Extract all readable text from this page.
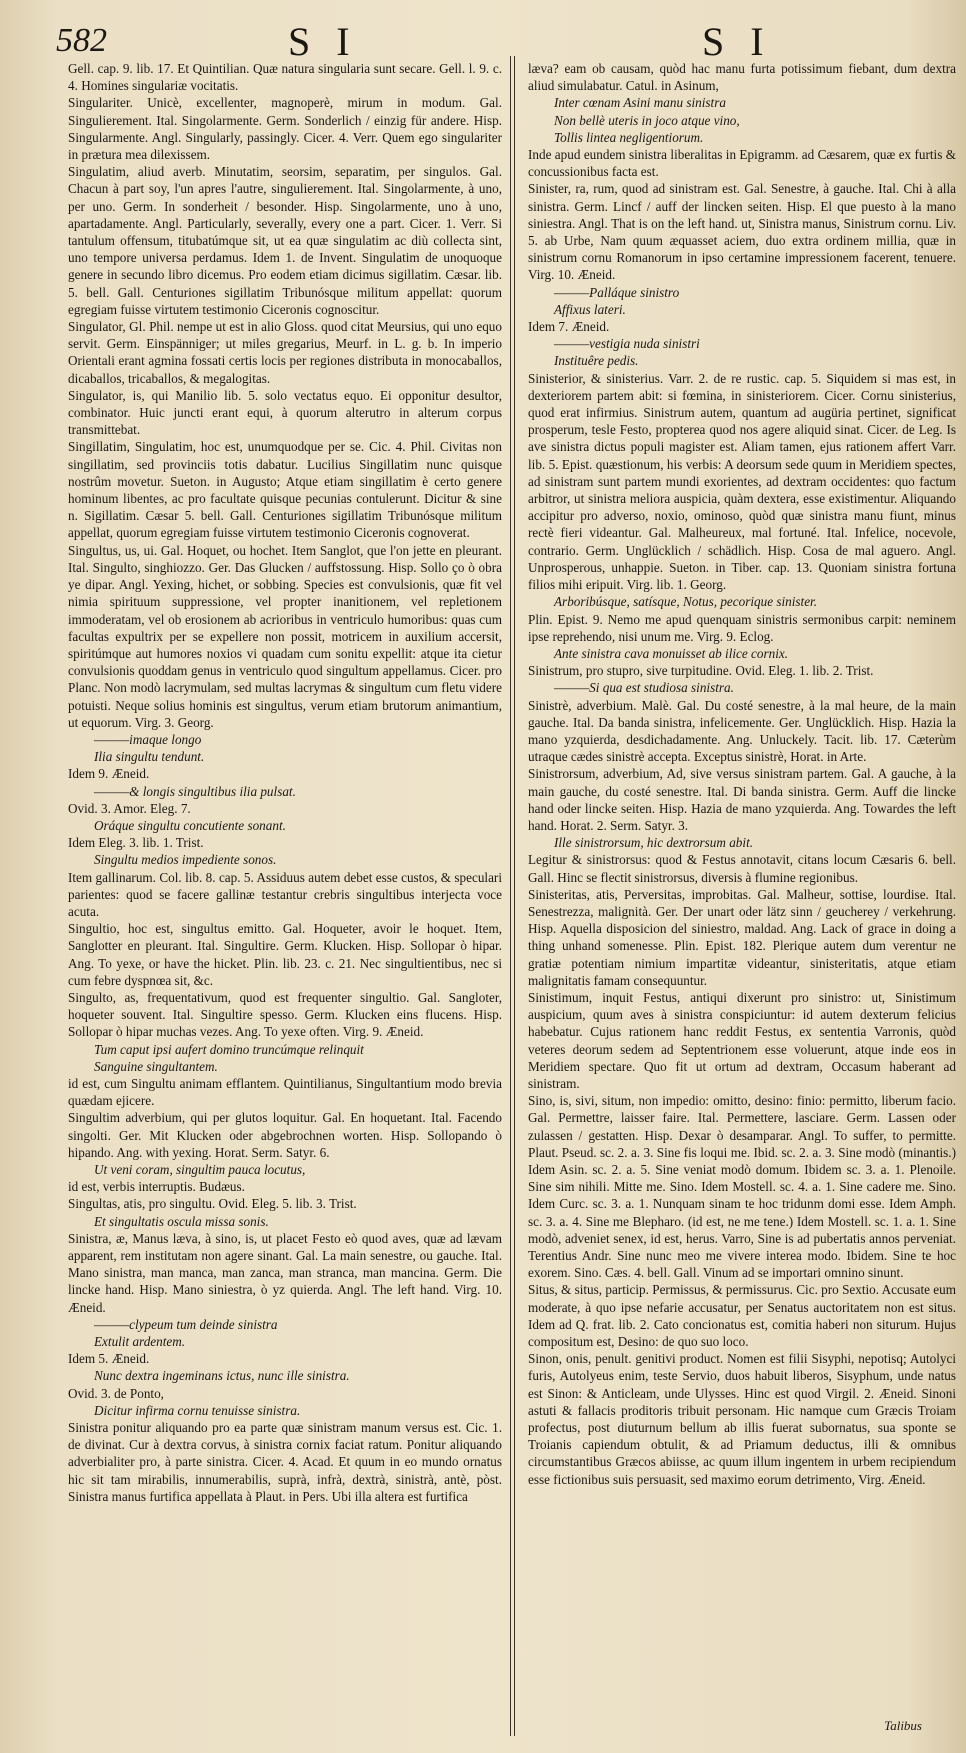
582	S I	S I

Gell. cap. 9. lib. 17. Et Quintilian. Quæ natura singularia sunt secare. Gell. l. 9. c. 4. Homines singulariæ vocitatis.

Singulariter. Unicè, excellenter, magnoperè, mirum in modum. Gal. Singulierement. Ital. Singolarmente. Germ. Sonderlich / einzig für andere. Hisp. Singularmente. Angl. Singularly, passingly. Cicer. 4. Verr. Quem ego singulariter in prætura mea dilexissem.

Singulatim, aliud averb. Minutatim, seorsim, separatim, per singulos. Gal. Chacun à part soy, l'un apres l'autre, singulierement. Ital. Singolarmente, à uno, per uno. Germ. In sonderheit / besonder. Hisp. Singolarmente, uno à uno, apartadamente. Angl. Particularly, severally, every one a part. Cicer. 1. Verr. Si tantulum offensum, titubatúmque sit, ut ea quæ singulatim ac diù collecta sint, uno tempore universa perdamus. Idem 1. de Invent. Singulatim de unoquoque genere in secundo libro dicemus. Pro eodem etiam dicimus sigillatim. Cæsar. lib. 5. bell. Gall. Centuriones sigillatim Tribunósque militum appellat: quorum egregiam fuisse virtutem testimonio Ciceronis cognoscitur.

Singulator, Gl. Phil. nempe ut est in alio Gloss. quod citat Meursius, qui uno equo servit. Germ. Einspänniger; ut miles gregarius, Meurf. in L. g. b. In imperio Orientali erant agmina fossati certis locis per regiones distributa in monocaballos, dicaballos, tricaballos, & megalogitas.

Singulator, is, qui Manilio lib. 5. solo vectatus equo. Ei opponitur desultor, combinator. Huic juncti erant equi, à quorum alterutro in alterum corpus transmittebat.

Singillatim, Singulatim, hoc est, unumquodque per se. Cic. 4. Phil. Civitas non singillatim, sed provinciis totis dabatur. Lucilius Singillatim nunc quisque nostrûm movetur. Sueton. in Augusto; Atque etiam singillatim è certo genere hominum libentes, ac pro facultate quisque pecunias contulerunt. Dicitur & sine n. Sigillatim. Cæsar 5. bell. Gall. Centuriones sigillatim Tribunósque militum appellat, quorum egregiam fuisse virtutem testimonio Ciceronis cognoverat.

Singultus, us, ui. Gal. Hoquet, ou hochet. Item Sanglot, que l'on jette en pleurant. Ital. Singulto, singhiozzo. Ger. Das Glucken / auffstossung. Hisp. Sollo ço ò obra ye dipar. Angl. Yexing, hichet, or sobbing. Species est convulsionis, quæ fit vel nimia spirituum suppressione, vel propter inanitionem, vel repletionem immoderatam, vel ob erosionem ab acrioribus in ventriculo humoribus: quas cum facultas expultrix per se expellere non possit, motricem in auxilium accersit, spiritúmque aut humores noxios vi quadam cum sonitu expellit: atque ita cietur convulsionis quoddam genus in ventriculo quod singultum appellamus. Cicer. pro Planc. Non modò lacrymulam, sed multas lacrymas & singultum cum fletu videre potuisti. Neque solius hominis est singultus, verum etiam brutorum animantium, ut equorum. Virg. 3. Georg.

———imaque longo

Ilia singultu tendunt.

Idem 9. Æneid.

———& longis singultibus ilia pulsat.

Ovid. 3. Amor. Eleg. 7.

Oráque singultu concutiente sonant.

Idem Eleg. 3. lib. 1. Trist.

Singultu medios impediente sonos.

Item gallinarum. Col. lib. 8. cap. 5. Assiduus autem debet esse custos, & speculari parientes: quod se facere gallinæ testantur crebris singultibus interjecta voce acuta.

Singultio, hoc est, singultus emitto. Gal. Hoqueter, avoir le hoquet. Item, Sanglotter en pleurant. Ital. Singultire. Germ. Klucken. Hisp. Sollopar ò hipar. Ang. To yexe, or have the hicket. Plin. lib. 23. c. 21. Nec singultientibus, nec si cum febre dyspnœa sit, &c.

Singulto, as, frequentativum, quod est frequenter singultio. Gal. Sangloter, hoqueter souvent. Ital. Singultire spesso. Germ. Klucken eins flucens. Hisp. Sollopar ò hipar muchas vezes. Ang. To yexe often. Virg. 9. Æneid.

Tum caput ipsi aufert domino truncúmque relinquit

Sanguine singultantem.

id est, cum Singultu animam efflantem. Quintilianus, Singultantium modo brevia quædam ejicere.

Singultim adverbium, qui per glutos loquitur. Gal. En hoquetant. Ital. Facendo singolti. Ger. Mit Klucken oder abgebrochnen worten. Hisp. Sollopando ò hipando. Ang. with yexing. Horat. Serm. Satyr. 6.

Ut veni coram, singultim pauca locutus,

id est, verbis interruptis. Budæus.

Singultas, atis, pro singultu. Ovid. Eleg. 5. lib. 3. Trist.

Et singultatis oscula missa sonis.

Sinistra, æ, Manus læva, à sino, is, ut placet Festo eò quod aves, quæ ad lævam apparent, rem institutam non agere sinant. Gal. La main senestre, ou gauche. Ital. Mano sinistra, man manca, man zanca, man stranca, man mancina. Germ. Die lincke hand. Hisp. Mano siniestra, ò yz quierda. Angl. The left hand. Virg. 10. Æneid.

———clypeum tum deinde sinistra

Extulit ardentem.

Idem 5. Æneid.

Nunc dextra ingeminans ictus, nunc ille sinistra.

Ovid. 3. de Ponto,

Dicitur infirma cornu tenuisse sinistra.

Sinistra ponitur aliquando pro ea parte quæ sinistram manum versus est. Cic. 1. de divinat. Cur à dextra corvus, à sinistra cornix faciat ratum. Ponitur aliquando adverbialiter pro, à parte sinistra. Cicer. 4. Acad. Et quum in eo mundo ornatus hic sit tam mirabilis, innumerabilis, suprà, infrà, dextrà, sinistrà, antè, pòst. Sinistra manus furtifica appellata à Plaut. in Pers. Ubi illa altera est furtifica

læva? eam ob causam, quòd hac manu furta potissimum fiebant, dum dextra aliud simulabatur. Catul. in Asinum,

Inter cœnam Asini manu sinistra

Non bellè uteris in joco atque vino,

Tollis lintea negligentiorum.

Inde apud eundem sinistra liberalitas in Epigramm. ad Cæsarem, quæ ex furtis & concussionibus facta est.

Sinister, ra, rum, quod ad sinistram est. Gal. Senestre, à gauche. Ital. Chi à alla sinistra. Germ. Lincf / auff der lincken seiten. Hisp. El que puesto à la mano siniestra. Angl. That is on the left hand. ut, Sinistra manus, Sinistrum cornu. Liv. 5. ab Urbe, Nam quum æquasset aciem, duo extra ordinem millia, quæ in sinistrum cornu Romanorum in ipso certamine impressionem facerent, tenuere. Virg. 10. Æneid.

———Palláque sinistro

Affixus lateri.

Idem 7. Æneid.

———vestigia nuda sinistri

Instituêre pedis.

Sinisterior, & sinisterius. Varr. 2. de re rustic. cap. 5. Siquidem si mas est, in dexteriorem partem abit: si fœmina, in sinisteriorem. Cicer. Cornu sinisterius, quod erat infirmius. Sinistrum autem, quantum ad augüria pertinet, significat prosperum, tesle Festo, propterea quod nos agere aliquid sinat. Cicer. de Leg. Is ave sinistra dictus populi magister est. Aliam tamen, ejus rationem affert Varr. lib. 5. Epist. quæstionum, his verbis: A deorsum sede quum in Meridiem spectes, ad sinistram sunt partem mundi exorientes, ad dextram occidentes: quo factum arbitror, ut sinistra meliora auspicia, quàm dextera, esse existimentur. Aliquando accipitur pro adverso, noxio, ominoso, quòd quæ sinistra manu fiunt, minus rectè fieri videantur. Gal. Malheureux, mal fortuné. Ital. Infelice, nocevole, contrario. Germ. Unglücklich / schädlich. Hisp. Cosa de mal aguero. Angl. Unprosperous, unhappie. Sueton. in Tiber. cap. 13. Quoniam sinistra fortuna filios mihi eripuit. Virg. lib. 1. Georg.

Arboribúsque, satísque, Notus, pecorique sinister.

Plin. Epist. 9. Nemo me apud quenquam sinistris sermonibus carpit: neminem ipse reprehendo, nisi unum me. Virg. 9. Eclog.

Ante sinistra cava monuisset ab ilice cornix.

Sinistrum, pro stupro, sive turpitudine. Ovid. Eleg. 1. lib. 2. Trist.

———Si qua est studiosa sinistra.

Sinistrè, adverbium. Malè. Gal. Du costé senestre, à la mal heure, de la main gauche. Ital. Da banda sinistra, infelicemente. Ger. Unglücklich. Hisp. Hazia la mano yzquierda, desdichadamente. Ang. Unluckely. Tacit. lib. 17. Cæterùm utraque cædes sinistrè accepta. Exceptus sinistrè, Horat. in Arte.

Sinistrorsum, adverbium, Ad, sive versus sinistram partem. Gal. A gauche, à la main gauche, du costé senestre. Ital. Di banda sinistra. Germ. Auff die lincke hand oder lincke seiten. Hisp. Hazia de mano yzquierda. Ang. Towardes the left hand. Horat. 2. Serm. Satyr. 3.

Ille sinistrorsum, hic dextrorsum abit.

Legitur & sinistrorsus: quod & Festus annotavit, citans locum Cæsaris 6. bell. Gall. Hinc se flectit sinistrorsus, diversis à flumine regionibus.

Sinisteritas, atis, Perversitas, improbitas. Gal. Malheur, sottise, lourdise. Ital. Senestrezza, malignità. Ger. Der unart oder lätz sinn / geucherey / verkehrung. Hisp. Aquella disposicion del siniestro, maldad. Ang. Lack of grace in doing a thing unhand somenesse. Plin. Epist. 182. Plerique autem dum verentur ne gratiæ potentiam nimium impartitæ videantur, sinisteritatis, atque etiam malignitatis famam consequuntur.

Sinistimum, inquit Festus, antiqui dixerunt pro sinistro: ut, Sinistimum auspicium, quum aves à sinistra conspiciuntur: id autem dexterum felicius habebatur. Cujus rationem hanc reddit Festus, ex sententia Varronis, quòd veteres deorum sedem ad Septentrionem esse voluerunt, atque inde eos in Meridiem spectare. Quo fit ut ortum ad dextram, Occasum haberant ad sinistram.

Sino, is, sivi, situm, non impedio: omitto, desino: finio: permitto, liberum facio. Gal. Permettre, laisser faire. Ital. Permettere, lasciare. Germ. Lassen oder zulassen / gestatten. Hisp. Dexar ò desamparar. Angl. To suffer, to permitte. Plaut. Pseud. sc. 2. a. 3. Sine fis loqui me. Ibid. sc. 2. a. 3. Sine modò (minantis.) Idem Asin. sc. 2. a. 5. Sine veniat modò domum. Ibidem sc. 3. a. 1. Plenoile. Sine sim nihili. Mitte me. Sino. Idem Mostell. sc. 4. a. 1. Sine cadere me. Sino. Idem Curc. sc. 3. a. 1. Nunquam sinam te hoc tridunm domi esse. Idem Amph. sc. 3. a. 4. Sine me Blepharo. (id est, ne me tene.) Idem Mostell. sc. 1. a. 1. Sine modò, adveniet senex, id est, herus. Varro, Sine is ad pubertatis annos perveniat. Terentius Andr. Sine nunc meo me vivere interea modo. Ibidem. Sine te hoc exorem. Sino. Cæs. 4. bell. Gall. Vinum ad se importari omnino sinunt.

Situs, & situs, particip. Permissus, & permissurus. Cic. pro Sextio. Accusate eum moderate, à quo ipse nefarie accusatur, per Senatus auctoritatem non est situs. Idem ad Q. frat. lib. 2. Cato concionatus est, comitia haberi non siturum. Hujus compositum est, Desino: de quo suo loco.

Sinon, onis, penult. genitivi product. Nomen est filii Sisyphi, nepotisq; Autolyci furis, Autolyeus enim, teste Servio, duos habuit liberos, Sisyphum, unde natus est Sinon: & Anticleam, unde Ulysses. Hinc est quod Virgil. 2. Æneid. Sinoni astuti & fallacis proditoris tribuit personam. Hic namque cum Græcis Troiam profectus, post diuturnum bellum ab illis fuerat subornatus, sua sponte se Troianis capiendum obtulit, & ad Priamum deductus, illi & omnibus circumstantibus Græcos abiisse, ac quum illum ingentem in urbem recipiendum esse fictionibus suis persuasit, sed maximo eorum detrimento, Virg. Æneid.

Talibus
